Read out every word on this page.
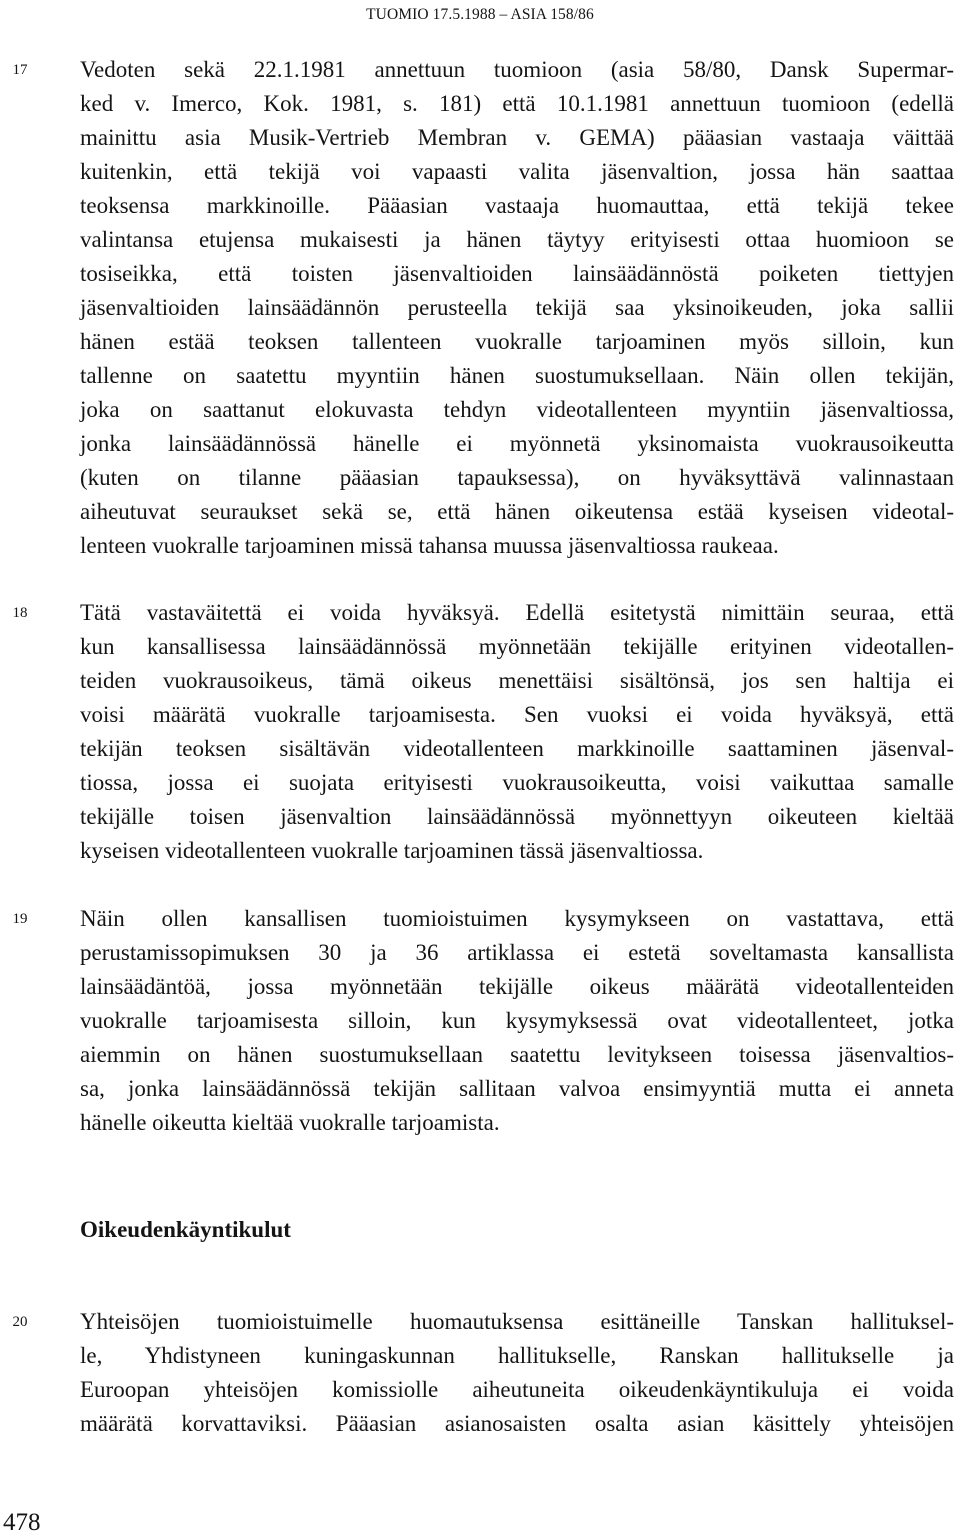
TUOMIO 17.5.1988 – ASIA 158/86
17	Vedoten sekä 22.1.1981 annettuun tuomioon (asia 58/80, Dansk Supermar-
ked v. Imerco, Kok. 1981, s. 181) että 10.1.1981 annettuun tuomioon (edellä
mainittu asia Musik-Vertrieb Membran v. GEMA) pääasian vastaaja väittää
kuitenkin, että tekijä voi vapaasti valita jäsenvaltion, jossa hän saattaa
teoksensa markkinoille. Pääasian vastaaja huomauttaa, että tekijä tekee
valintansa etujensa mukaisesti ja hänen täytyy erityisesti ottaa huomioon se
tosiseikka, että toisten jäsenvaltioiden lainsäädännöstä poiketen tiettyjen
jäsenvaltioiden lainsäädännön perusteella tekijä saa yksinoikeuden, joka sallii
hänen estää teoksen tallenteen vuokralle tarjoaminen myös silloin, kun
tallenne on saatettu myyntiin hänen suostumuksellaan. Näin ollen tekijän,
joka on saattanut elokuvasta tehdyn videotallenteen myyntiin jäsenvaltiossa,
jonka lainsäädännössä hänelle ei myönnetä yksinomaista vuokrausoikeutta
(kuten on tilanne pääasian tapauksessa), on hyväksyttävä valinnastaan
aiheutuvat seuraukset sekä se, että hänen oikeutensa estää kyseisen videotal-
lenteen vuokralle tarjoaminen missä tahansa muussa jäsenvaltiossa raukeaa.
18	Tätä vastaväitettä ei voida hyväksyä. Edellä esitetystä nimittäin seuraa, että
kun kansallisessa lainsäädännössä myönnetään tekijälle erityinen videotallen-
teiden vuokrausoikeus, tämä oikeus menettäisi sisältönsä, jos sen haltija ei
voisi määrätä vuokralle tarjoamisesta. Sen vuoksi ei voida hyväksyä, että
tekijän teoksen sisältävän videotallenteen markkinoille saattaminen jäsenval-
tiossa, jossa ei suojata erityisesti vuokrausoikeutta, voisi vaikuttaa samalle
tekijälle toisen jäsenvaltion lainsäädännössä myönnettyyn oikeuteen kieltää
kyseisen videotallenteen vuokralle tarjoaminen tässä jäsenvaltiossa.
19	Näin ollen kansallisen tuomioistuimen kysymykseen on vastattava, että
perustamissopimuksen 30 ja 36 artiklassa ei estetä soveltamasta kansallista
lainsäädäntöä, jossa myönnetään tekijälle oikeus määrätä videotallenteiden
vuokralle tarjoamisesta silloin, kun kysymyksessä ovat videotallenteet, jotka
aiemmin on hänen suostumuksellaan saatettu levitykseen toisessa jäsenvaltios-
sa, jonka lainsäädännössä tekijän sallitaan valvoa ensimyyntiä mutta ei anneta
hänelle oikeutta kieltää vuokralle tarjoamista.
Oikeudenkäyntikulut
20	Yhteisöjen tuomioistuimelle huomautuksensa esittäneille Tanskan hallituksel-
le, Yhdistyneen kuningaskunnan hallitukselle, Ranskan hallitukselle ja
Euroopan yhteisöjen komissiolle aiheutuneita oikeudenkäyntikuluja ei voida
määrätä korvattaviksi. Pääasian asianosaisten osalta asian käsittely yhteisöjen
478
